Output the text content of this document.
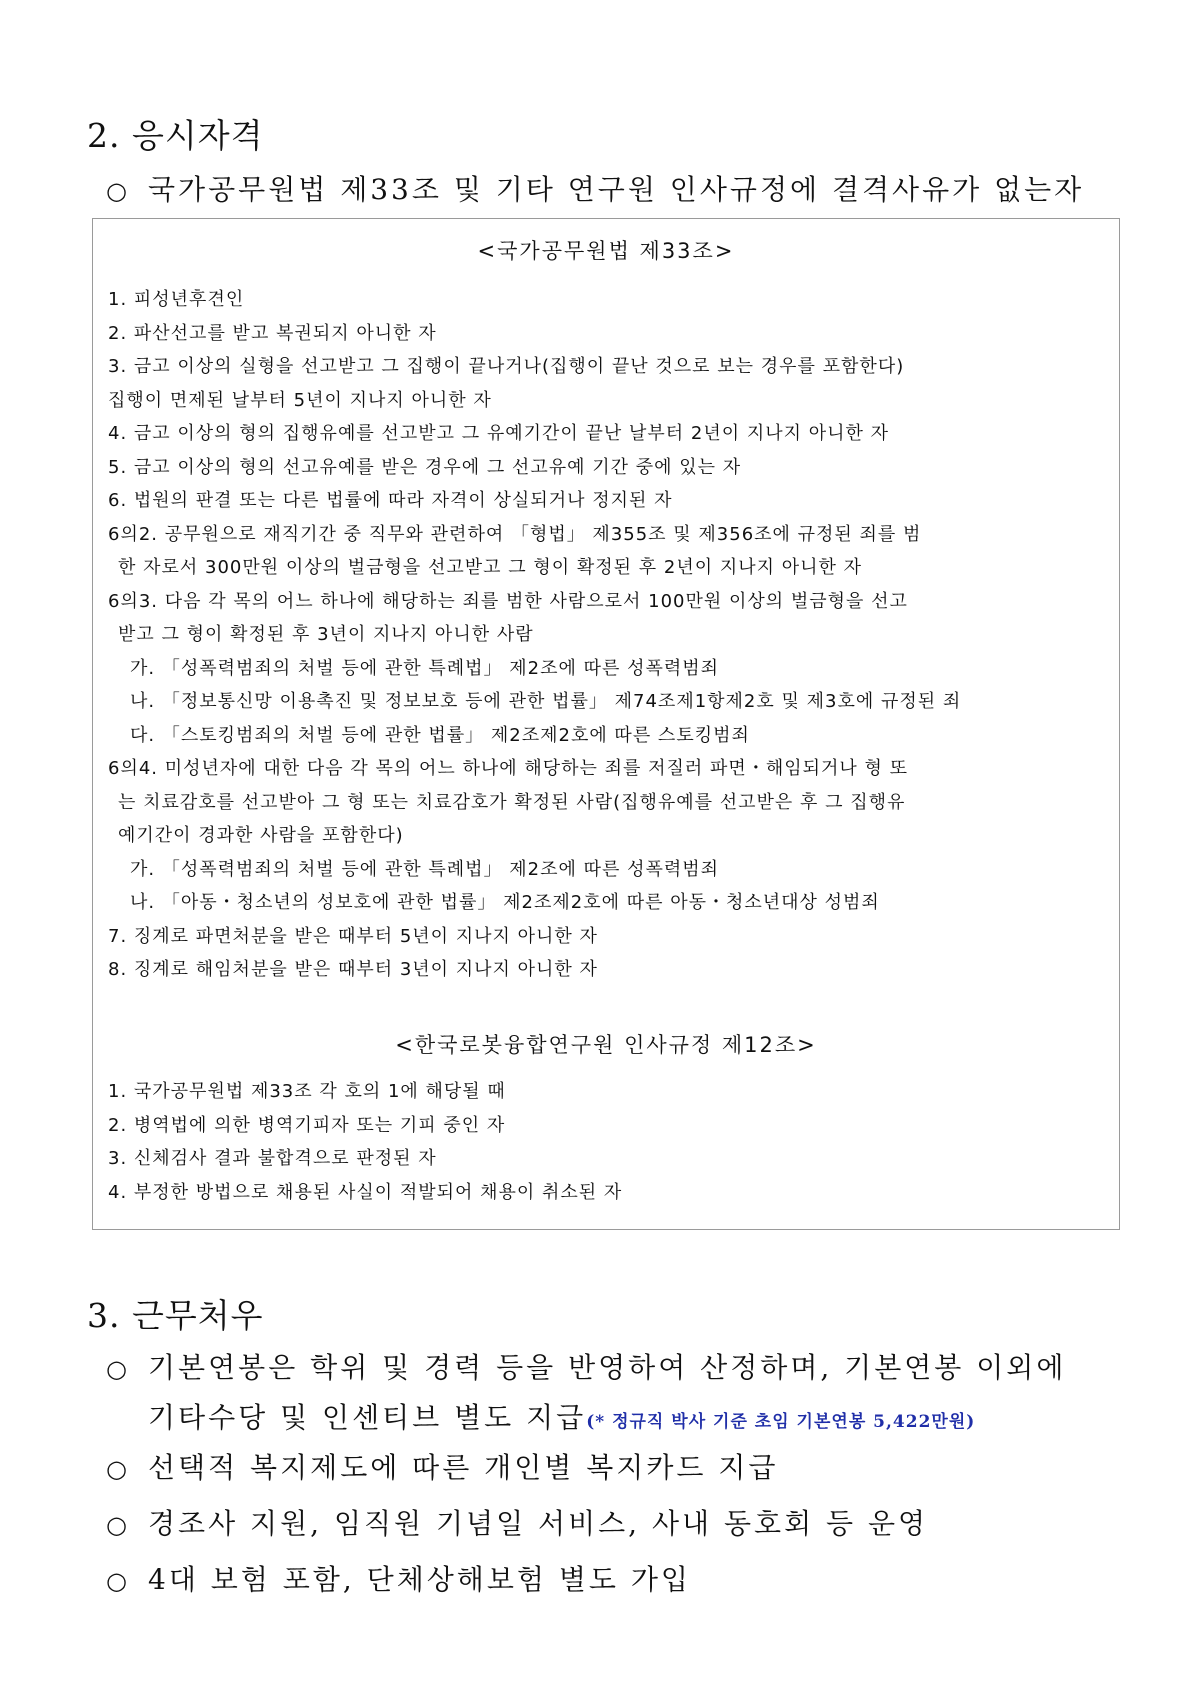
2. 응시자격
○ 국가공무원법 제33조 및 기타 연구원 인사규정에 결격사유가 없는자
<국가공무원법 제33조>
1. 피성년후견인
2. 파산선고를 받고 복권되지 아니한 자
3. 금고 이상의 실형을 선고받고 그 집행이 끝나거나(집행이 끝난 것으로 보는 경우를 포함한다)
집행이 면제된 날부터 5년이 지나지 아니한 자
4. 금고 이상의 형의 집행유예를 선고받고 그 유예기간이 끝난 날부터 2년이 지나지 아니한 자
5. 금고 이상의 형의 선고유예를 받은 경우에 그 선고유예 기간 중에 있는 자
6. 법원의 판결 또는 다른 법률에 따라 자격이 상실되거나 정지된 자
6의2. 공무원으로 재직기간 중 직무와 관련하여 「형법」 제355조 및 제356조에 규정된 죄를 범
한 자로서 300만원 이상의 벌금형을 선고받고 그 형이 확정된 후 2년이 지나지 아니한 자
6의3. 다음 각 목의 어느 하나에 해당하는 죄를 범한 사람으로서 100만원 이상의 벌금형을 선고
받고 그 형이 확정된 후 3년이 지나지 아니한 사람
가. 「성폭력범죄의 처벌 등에 관한 특례법」 제2조에 따른 성폭력범죄
나. 「정보통신망 이용촉진 및 정보보호 등에 관한 법률」 제74조제1항제2호 및 제3호에 규정된 죄
다. 「스토킹범죄의 처벌 등에 관한 법률」 제2조제2호에 따른 스토킹범죄
6의4. 미성년자에 대한 다음 각 목의 어느 하나에 해당하는 죄를 저질러 파면・해임되거나 형 또
는 치료감호를 선고받아 그 형 또는 치료감호가 확정된 사람(집행유예를 선고받은 후 그 집행유
예기간이 경과한 사람을 포함한다)
가. 「성폭력범죄의 처벌 등에 관한 특례법」 제2조에 따른 성폭력범죄
나. 「아동・청소년의 성보호에 관한 법률」 제2조제2호에 따른 아동・청소년대상 성범죄
7. 징계로 파면처분을 받은 때부터 5년이 지나지 아니한 자
8. 징계로 해임처분을 받은 때부터 3년이 지나지 아니한 자
<한국로봇융합연구원 인사규정 제12조>
1. 국가공무원법 제33조 각 호의 1에 해당될 때
2. 병역법에 의한 병역기피자 또는 기피 중인 자
3. 신체검사 결과 불합격으로 판정된 자
4. 부정한 방법으로 채용된 사실이 적발되어 채용이 취소된 자
3. 근무처우
○ 기본연봉은 학위 및 경력 등을 반영하여 산정하며, 기본연봉 이외에
기타수당 및 인센티브 별도 지급(* 정규직 박사 기준 초임 기본연봉 5,422만원)
○ 선택적 복지제도에 따른 개인별 복지카드 지급
○ 경조사 지원, 임직원 기념일 서비스, 사내 동호회 등 운영
○ 4대 보험 포함, 단체상해보험 별도 가입
